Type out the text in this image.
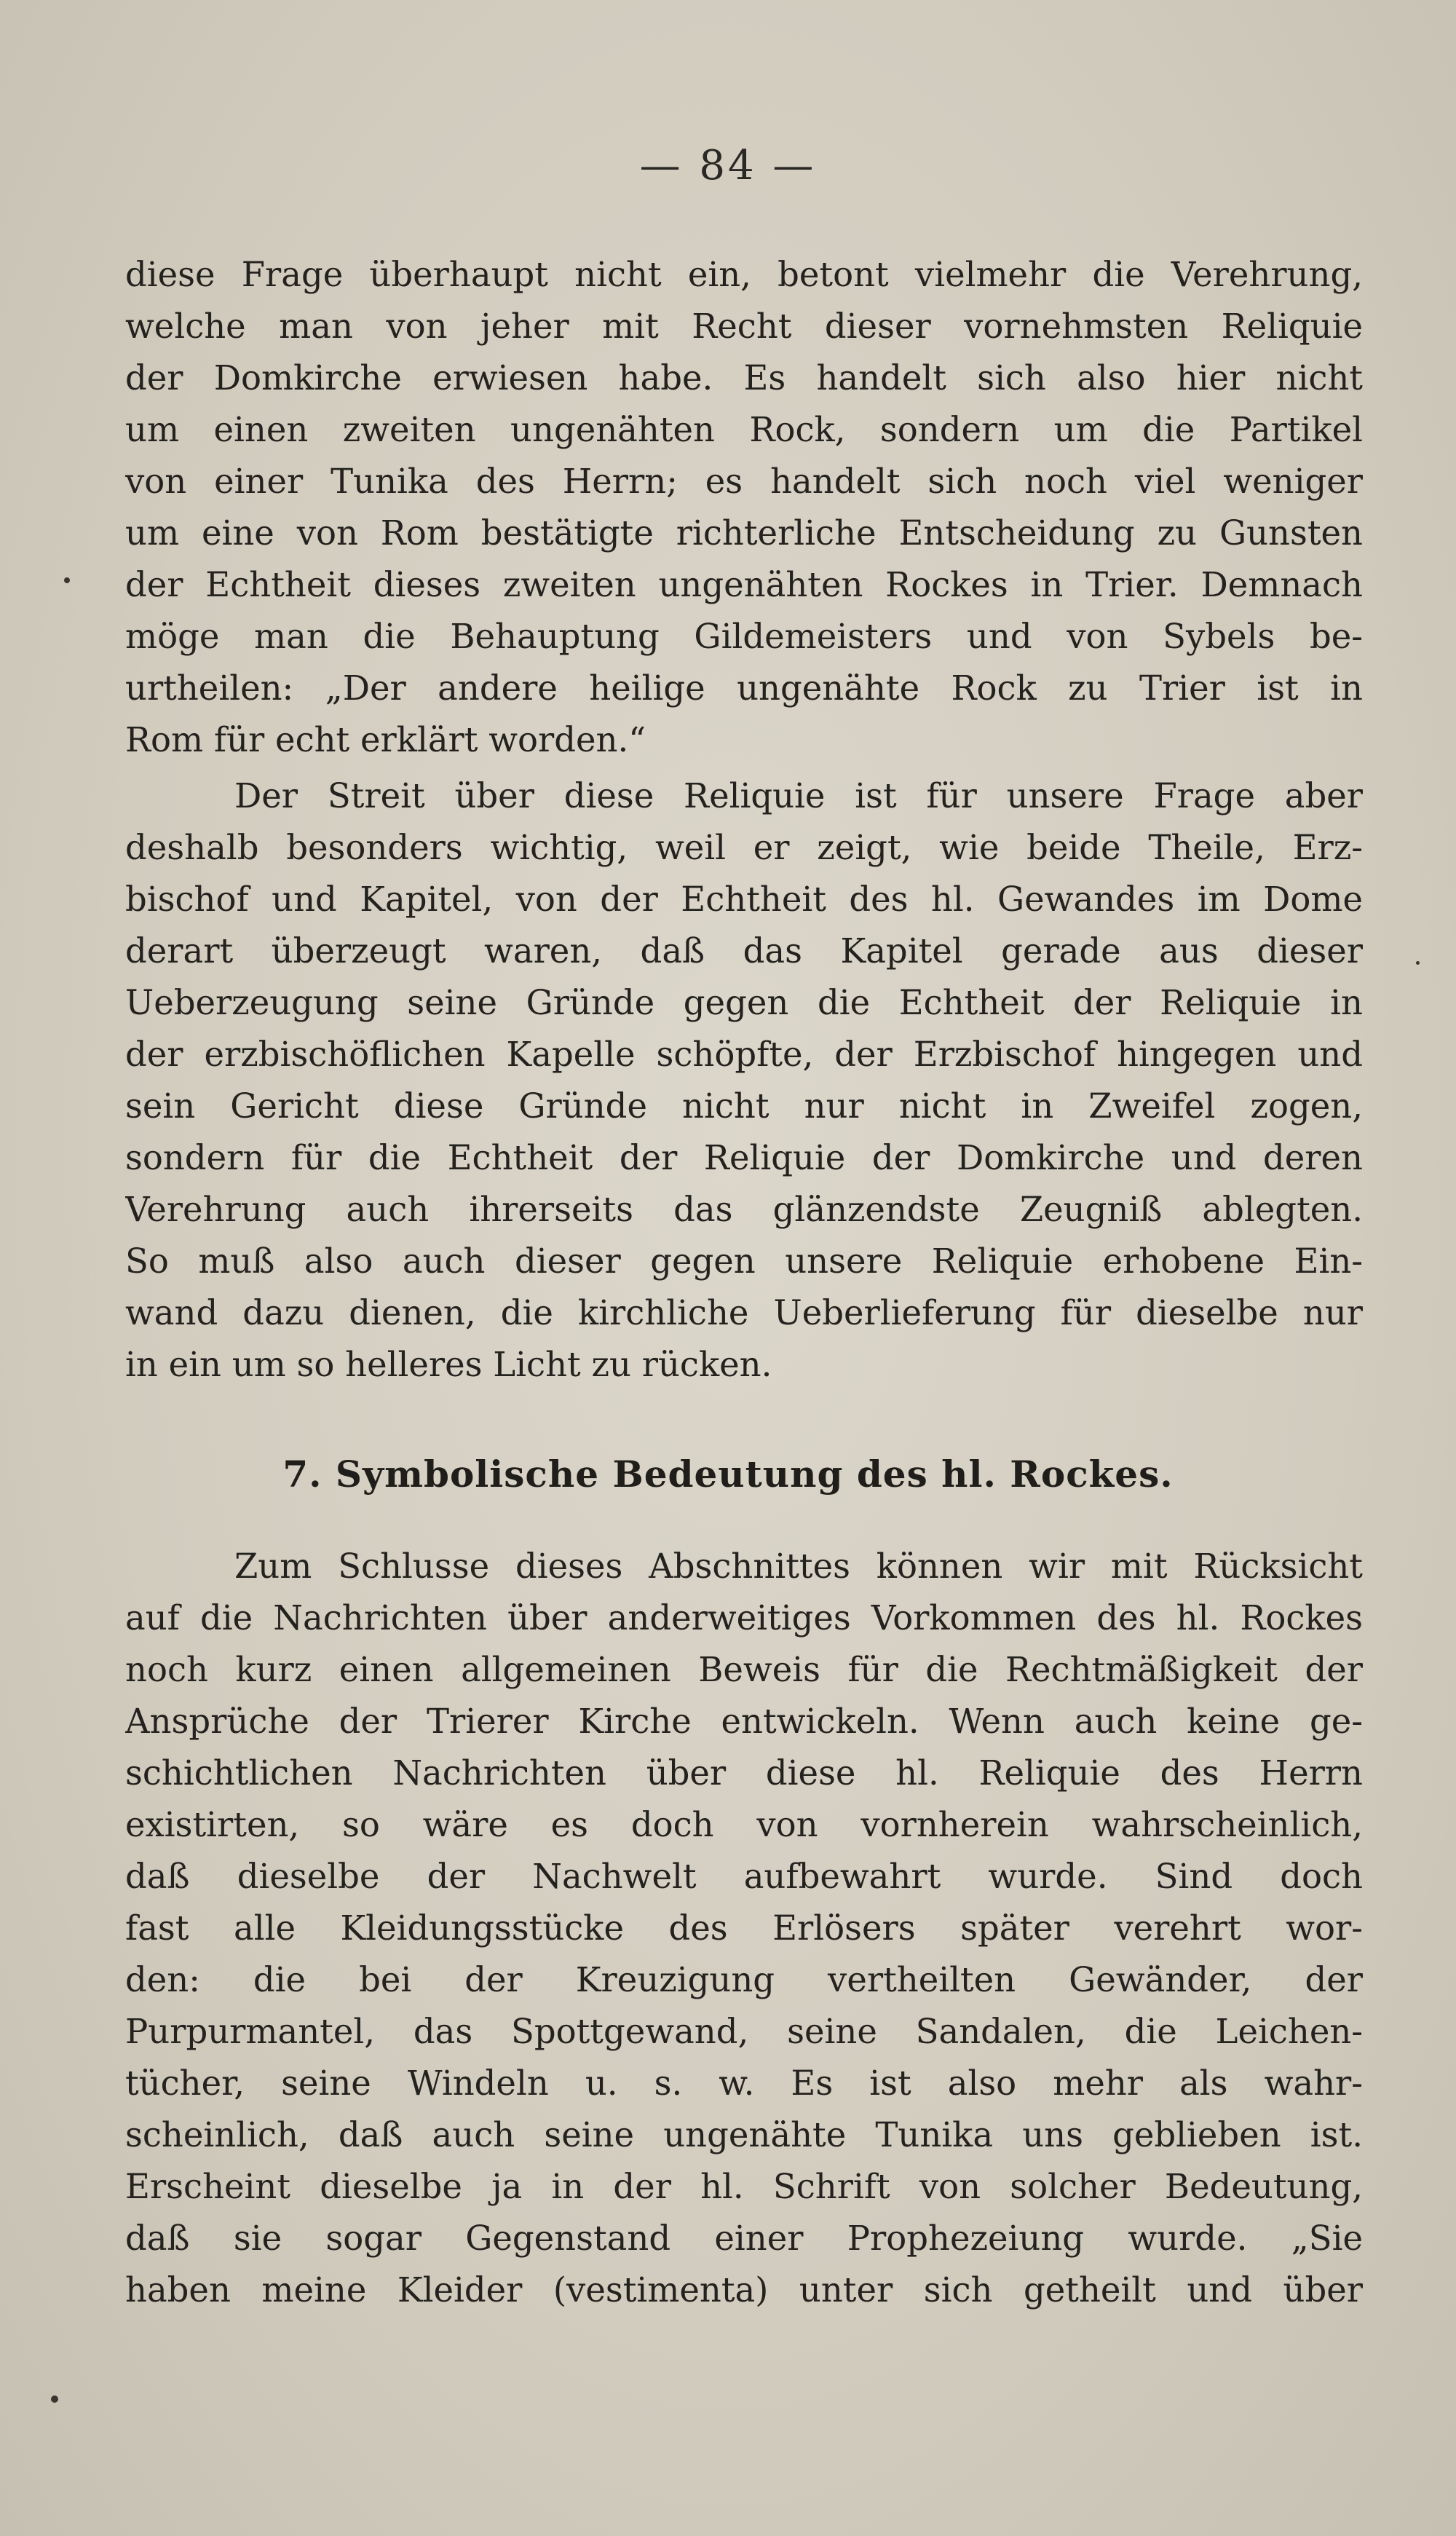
— 84 —
diese Frage überhaupt nicht ein, betont vielmehr die Verehrung,
welche man von jeher mit Recht dieser vornehmsten Reliquie
der Domkirche erwiesen habe. Es handelt sich also hier nicht
um einen zweiten ungenähten Rock, sondern um die Partikel
von einer Tunika des Herrn; es handelt sich noch viel weniger
um eine von Rom bestätigte richterliche Entscheidung zu Gunsten
der Echtheit dieses zweiten ungenähten Rockes in Trier. Demnach
möge man die Behauptung Gildemeisters und von Sybels be-
urtheilen: „Der andere heilige ungenähte Rock zu Trier ist in
Rom für echt erklärt worden.“
Der Streit über diese Reliquie ist für unsere Frage aber
deshalb besonders wichtig, weil er zeigt, wie beide Theile, Erz-
bischof und Kapitel, von der Echtheit des hl. Gewandes im Dome
derart überzeugt waren, daß das Kapitel gerade aus dieser
Ueberzeugung seine Gründe gegen die Echtheit der Reliquie in
der erzbischöflichen Kapelle schöpfte, der Erzbischof hingegen und
sein Gericht diese Gründe nicht nur nicht in Zweifel zogen,
sondern für die Echtheit der Reliquie der Domkirche und deren
Verehrung auch ihrerseits das glänzendste Zeugniß ablegten.
So muß also auch dieser gegen unsere Reliquie erhobene Ein-
wand dazu dienen, die kirchliche Ueberlieferung für dieselbe nur
in ein um so helleres Licht zu rücken.
7. Symbolische Bedeutung des hl. Rockes.
Zum Schlusse dieses Abschnittes können wir mit Rücksicht
auf die Nachrichten über anderweitiges Vorkommen des hl. Rockes
noch kurz einen allgemeinen Beweis für die Rechtmäßigkeit der
Ansprüche der Trierer Kirche entwickeln. Wenn auch keine ge-
schichtlichen Nachrichten über diese hl. Reliquie des Herrn
existirten, so wäre es doch von vornherein wahrscheinlich,
daß dieselbe der Nachwelt aufbewahrt wurde. Sind doch
fast alle Kleidungsstücke des Erlösers später verehrt wor-
den: die bei der Kreuzigung vertheilten Gewänder, der
Purpurmantel, das Spottgewand, seine Sandalen, die Leichen-
tücher, seine Windeln u. s. w. Es ist also mehr als wahr-
scheinlich, daß auch seine ungenähte Tunika uns geblieben ist.
Erscheint dieselbe ja in der hl. Schrift von solcher Bedeutung,
daß sie sogar Gegenstand einer Prophezeiung wurde. „Sie
haben meine Kleider (vestimenta) unter sich getheilt und über
